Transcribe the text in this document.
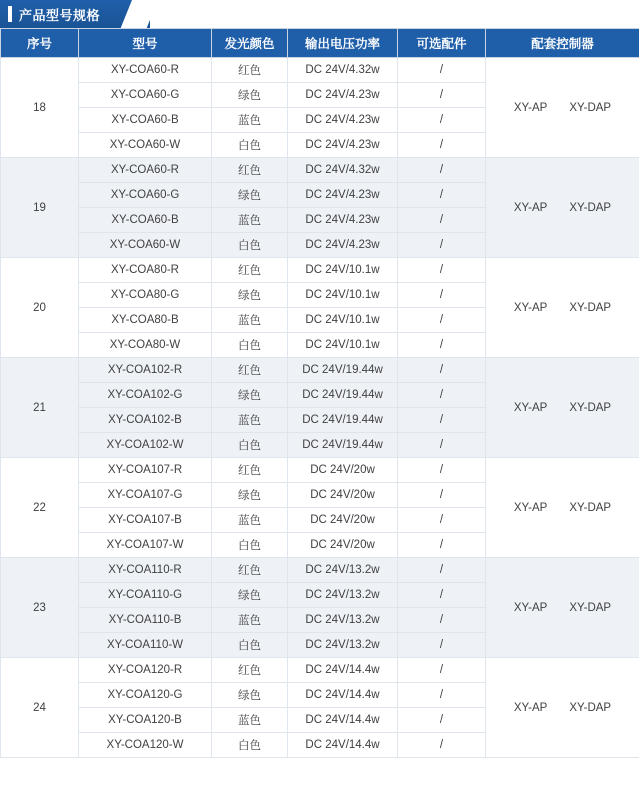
产品型号规格
序号	型号	发光颜色	输出电压功率	可选配件	配套控制器
18	XY-COA60-R	红色	DC 24V/4.32w	/	XY-AP XY-DAP

	XY-COA60-G	绿色	DC 24V/4.23w	/	
	XY-COA60-B	蓝色	DC 24V/4.23w	/	
	XY-COA60-W	白色	DC 24V/4.23w	/	
19	XY-COA60-R	红色	DC 24V/4.32w	/	XY-AP XY-DAP

	XY-COA60-G	绿色	DC 24V/4.23w	/	
	XY-COA60-B	蓝色	DC 24V/4.23w	/	
	XY-COA60-W	白色	DC 24V/4.23w	/	
20	XY-COA80-R	红色	DC 24V/10.1w	/	XY-AP XY-DAP

	XY-COA80-G	绿色	DC 24V/10.1w	/	
	XY-COA80-B	蓝色	DC 24V/10.1w	/	
	XY-COA80-W	白色	DC 24V/10.1w	/	
21	XY-COA102-R	红色	DC 24V/19.44w	/	XY-AP XY-DAP

	XY-COA102-G	绿色	DC 24V/19.44w	/	
	XY-COA102-B	蓝色	DC 24V/19.44w	/	
	XY-COA102-W	白色	DC 24V/19.44w	/	
22	XY-COA107-R	红色	DC 24V/20w	/	XY-AP XY-DAP

	XY-COA107-G	绿色	DC 24V/20w	/	
	XY-COA107-B	蓝色	DC 24V/20w	/	
	XY-COA107-W	白色	DC 24V/20w	/	
23	XY-COA110-R	红色	DC 24V/13.2w	/	XY-AP XY-DAP

	XY-COA110-G	绿色	DC 24V/13.2w	/	
	XY-COA110-B	蓝色	DC 24V/13.2w	/	
	XY-COA110-W	白色	DC 24V/13.2w	/	
24	XY-COA120-R	红色	DC 24V/14.4w	/	XY-AP XY-DAP

	XY-COA120-G	绿色	DC 24V/14.4w	/	
	XY-COA120-B	蓝色	DC 24V/14.4w	/	
	XY-COA120-W	白色	DC 24V/14.4w	/	
